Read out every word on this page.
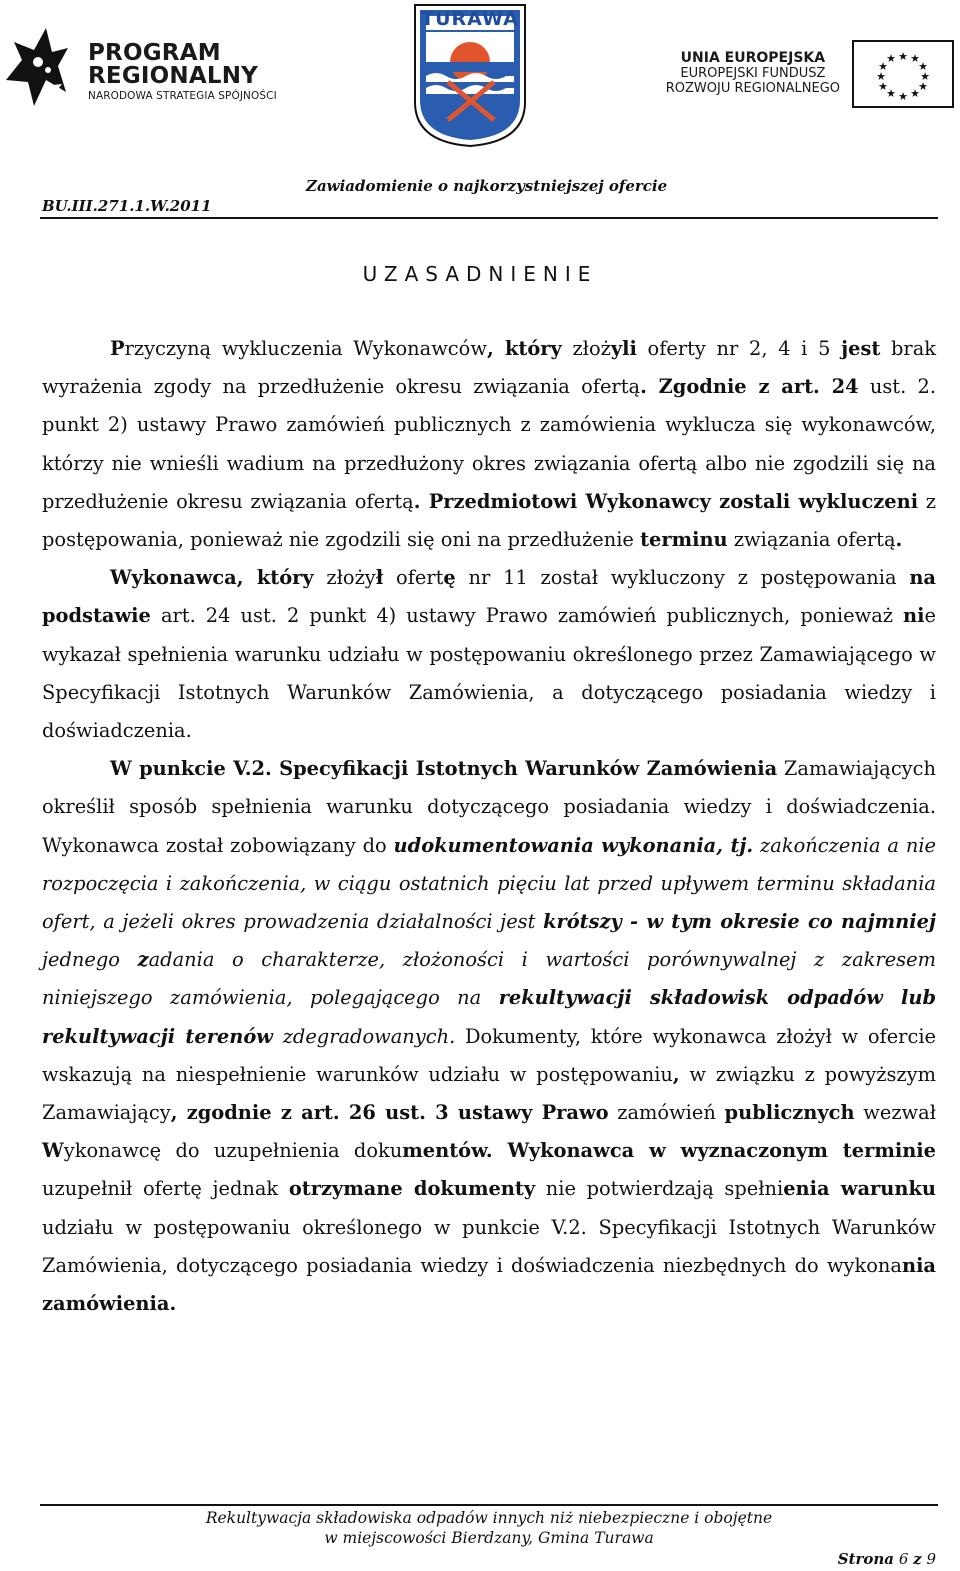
PROGRAM
REGIONALNY
NARODOWA STRATEGIA SPÓJNOŚCI
TURAWA
UNIA EUROPEJSKA
EUROPEJSKI FUNDUSZ
ROZWOJU REGIONALNEGO
★ ★
★
★
★
★
★
★
★
★
★
★
BU.III.271.1.W.2011
Zawiadomienie o najkorzystniejszej ofercie
UZASADNIENIE

Przyczyną wykluczenia Wykonawców, który złożyli oferty nr 2, 4 i 5 jest brak wyrażenia zgody na przedłużenie okresu związania ofertą. Zgodnie z art. 24 ust. 2. punkt 2) ustawy Prawo zamówień publicznych z zamówienia wyklucza się wykonawców, którzy nie wnieśli wadium na przedłużony okres związania ofertą albo nie zgodzili się na przedłużenie okresu związania ofertą. Przedmiotowi Wykonawcy zostali wykluczeni z postępowania, ponieważ nie zgodzili się oni na przedłużenie terminu związania ofertą.

Wykonawca, który złożył ofertę nr 11 został wykluczony z postępowania na podstawie art. 24 ust. 2 punkt 4) ustawy Prawo zamówień publicznych, ponieważ nie wykazał spełnienia warunku udziału w postępowaniu określonego przez Zamawiającego w Specyfikacji Istotnych Warunków Zamówienia, a dotyczącego posiadania wiedzy i doświadczenia.

W punkcie V.2. Specyfikacji Istotnych Warunków Zamówienia Zamawiających określił sposób spełnienia warunku dotyczącego posiadania wiedzy i doświadczenia. Wykonawca został zobowiązany do udokumentowania wykonania, tj. zakończenia a nie rozpoczęcia i zakończenia, w ciągu ostatnich pięciu lat przed upływem terminu składania ofert, a jeżeli okres prowadzenia działalności jest krótszy - w tym okresie co najmniej jednego zadania o charakterze, złożoności i wartości porównywalnej z zakresem niniejszego zamówienia, polegającego na rekultywacji składowisk odpadów lub rekultywacji terenów zdegradowanych. Dokumenty, które wykonawca złożył w ofercie wskazują na niespełnienie warunków udziału w postępowaniu, w związku z powyższym Zamawiający, zgodnie z art. 26 ust. 3 ustawy Prawo zamówień publicznych wezwał Wykonawcę do uzupełnienia dokumentów. Wykonawca w wyznaczonym terminie uzupełnił ofertę jednak otrzymane dokumenty nie potwierdzają spełnienia warunku udziału w postępowaniu określonego w punkcie V.2. Specyfikacji Istotnych Warunków Zamówienia, dotyczącego posiadania wiedzy i doświadczenia niezbędnych do wykonania zamówienia.

Rekultywacja składowiska odpadów innych niż niebezpieczne i obojętne
w miejscowości Bierdzany, Gmina Turawa
Strona 6 z 9
